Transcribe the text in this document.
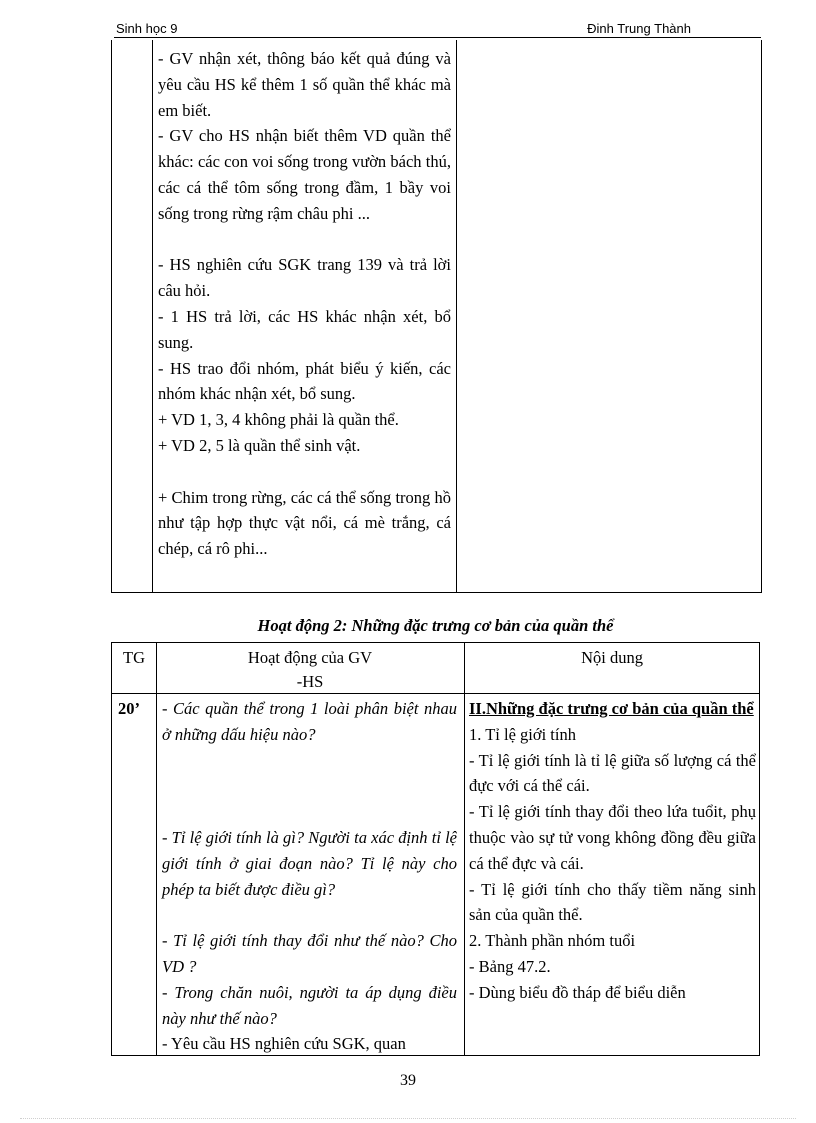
Sinh học 9	Đinh Trung Thành

- GV nhận xét, thông báo kết quả đúng và yêu cầu HS kể thêm 1 số quần thể khác mà em biết.

- GV cho HS nhận biết thêm VD quần thể khác: các con voi sống trong vườn bách thú, các cá thể tôm sống trong đầm, 1 bầy voi sống trong rừng rậm châu phi ...

- HS nghiên cứu SGK trang 139 và trả lời câu hỏi.

- 1 HS trả lời, các HS khác nhận xét, bổ sung.

- HS trao đổi nhóm, phát biểu ý kiến, các nhóm khác nhận xét, bổ sung.

+ VD 1, 3, 4 không phải là quần thể.

+ VD 2, 5 là quần thể sinh vật.

+ Chim trong rừng, các cá thể sống trong hồ như tập hợp thực vật nổi, cá mè trắng, cá chép, cá rô phi...

Hoạt động 2: Những đặc trưng cơ bản của quần thể
TG	Hoạt động của GV
-HS
Nội dung
20’ - Các quần thể trong 1 loài phân biệt nhau ở những dấu hiệu nào?

- Tỉ lệ giới tính là gì? Người ta xác định tỉ lệ giới tính ở giai đoạn nào? Tỉ lệ này cho phép ta biết được điều gì?

- Tỉ lệ giới tính thay đổi như thế nào? Cho VD ?

- Trong chăn nuôi, người ta áp dụng điều này như thế nào?

- Yêu cầu HS nghiên cứu SGK, quan

II.Những đặc trưng cơ bản của quần thể

1. Tỉ lệ giới tính

- Tỉ lệ giới tính là tỉ lệ giữa số lượng cá thể đực với cá thể cái.

- Tỉ lệ giới tính thay đổi theo lứa tuổit, phụ thuộc vào sự tử vong không đồng đều giữa cá thể đực và cái.

- Tỉ lệ giới tính cho thấy tiềm năng sinh sản của quần thể.

2. Thành phần nhóm tuổi

- Bảng 47.2.

- Dùng biểu đồ tháp để biểu diễn

39
